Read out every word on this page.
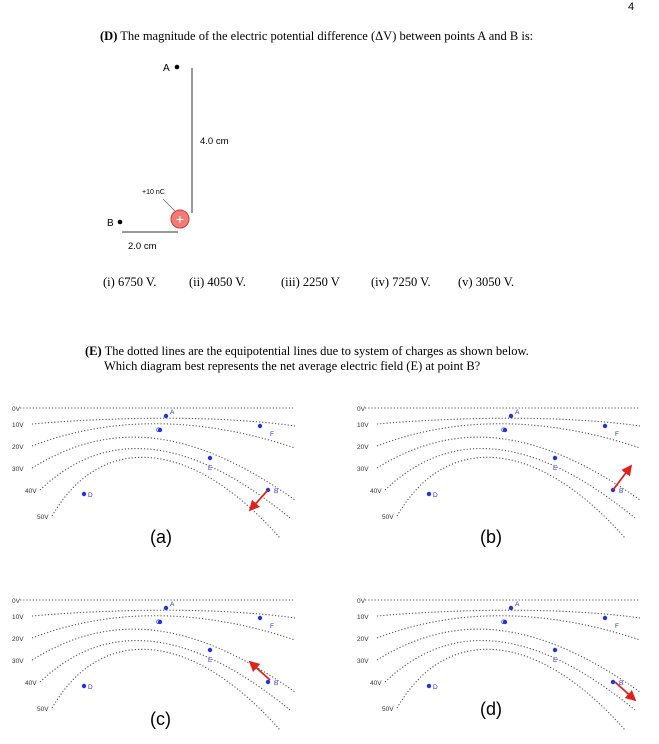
4
(D) The magnitude of the electric potential difference (ΔV) between points A and B is:
A
B
4.0 cm
2.0 cm
+10 nC
+
(i) 6750 V.	(ii) 4050 V.	(iii) 2250 V (iv) 7250 V. (v) 3050 V.
(E) The dotted lines are the equipotential lines due to system of charges as shown below.
Which diagram best represents the net average electric field (E) at point B?
0V
10V
20V
30V
40V
50V
A
B
C
D
E
F
(a)
0V
10V
20V
30V
40V
50V
A
B
C
D
E
F
(b)
0V
10V
20V
30V
40V
50V
A
B
C
D
E
F
(c)
0V
10V
20V
30V
40V
50V
A
B
C
D
E
F
(d)
